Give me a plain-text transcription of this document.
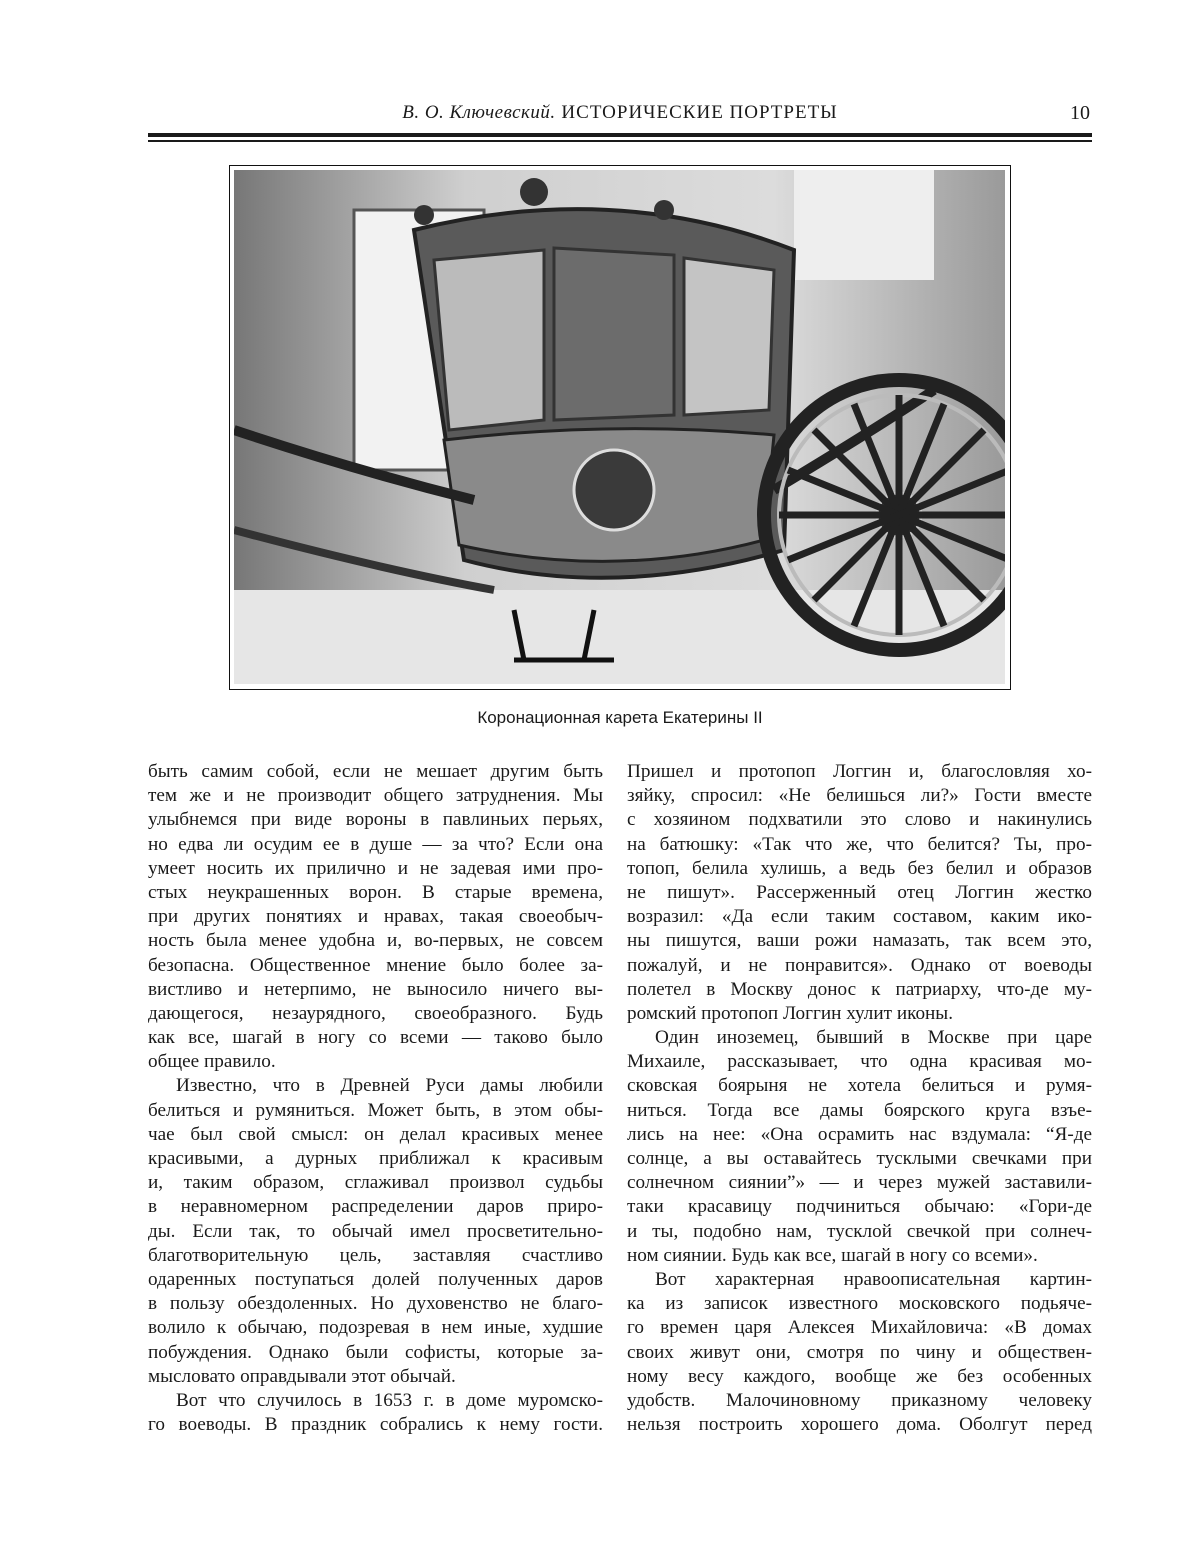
В. О. Ключевский. ИСТОРИЧЕСКИЕ ПОРТРЕТЫ	10
Коронационная карета Екатерины II
быть самим собой, если не мешает другим быть
тем же и не производит общего затруднения. Мы
улыбнемся при виде вороны в павлиньих перьях,
но едва ли осудим ее в душе — за что? Если она
умеет носить их прилично и не задевая ими про-
стых неукрашенных ворон. В старые времена,
при других понятиях и нравах, такая своеобыч-
ность была менее удобна и, во-первых, не совсем
безопасна. Общественное мнение было более за-
вистливо и нетерпимо, не выносило ничего вы-
дающегося, незаурядного, своеобразного. Будь
как все, шагай в ногу со всеми — таково было
общее правило.
Известно, что в Древней Руси дамы любили
белиться и румяниться. Может быть, в этом обы-
чае был свой смысл: он делал красивых менее
красивыми, а дурных приближал к красивым
и, таким образом, сглаживал произвол судьбы
в неравномерном распределении даров приро-
ды. Если так, то обычай имел просветительно-
благотворительную цель, заставляя счастливо
одаренных поступаться долей полученных даров
в пользу обездоленных. Но духовенство не благо-
волило к обычаю, подозревая в нем иные, худшие
побуждения. Однако были софисты, которые за-
мысловато оправдывали этот обычай.
Вот что случилось в 1653 г. в доме муромско-
го воеводы. В праздник собрались к нему гости.
Пришел и протопоп Логгин и, благословляя хо-
зяйку, спросил: «Не белишься ли?» Гости вместе
с хозяином подхватили это слово и накинулись
на батюшку: «Так что же, что белится? Ты, про-
топоп, белила хулишь, а ведь без белил и образов
не пишут». Рассерженный отец Логгин жестко
возразил: «Да если таким составом, каким ико-
ны пишутся, ваши рожи намазать, так всем это,
пожалуй, и не понравится». Однако от воеводы
полетел в Москву донос к патриарху, что-де му-
ромский протопоп Логгин хулит иконы.
Один иноземец, бывший в Москве при царе
Михаиле, рассказывает, что одна красивая мо-
сковская боярыня не хотела белиться и румя-
ниться. Тогда все дамы боярского круга взъе-
лись на нее: «Она осрамить нас вздумала: “Я-де
солнце, а вы оставайтесь тусклыми свечками при
солнечном сиянии”» — и через мужей заставили-
таки красавицу подчиниться обычаю: «Гори-де
и ты, подобно нам, тусклой свечкой при солнеч-
ном сиянии. Будь как все, шагай в ногу со всеми».
Вот характерная нравоописательная картин-
ка из записок известного московского подьяче-
го времен царя Алексея Михайловича: «В домах
своих живут они, смотря по чину и обществен-
ному весу каждого, вообще же без особенных
удобств. Малочиновному приказному человеку
нельзя построить хорошего дома. Оболгут перед
